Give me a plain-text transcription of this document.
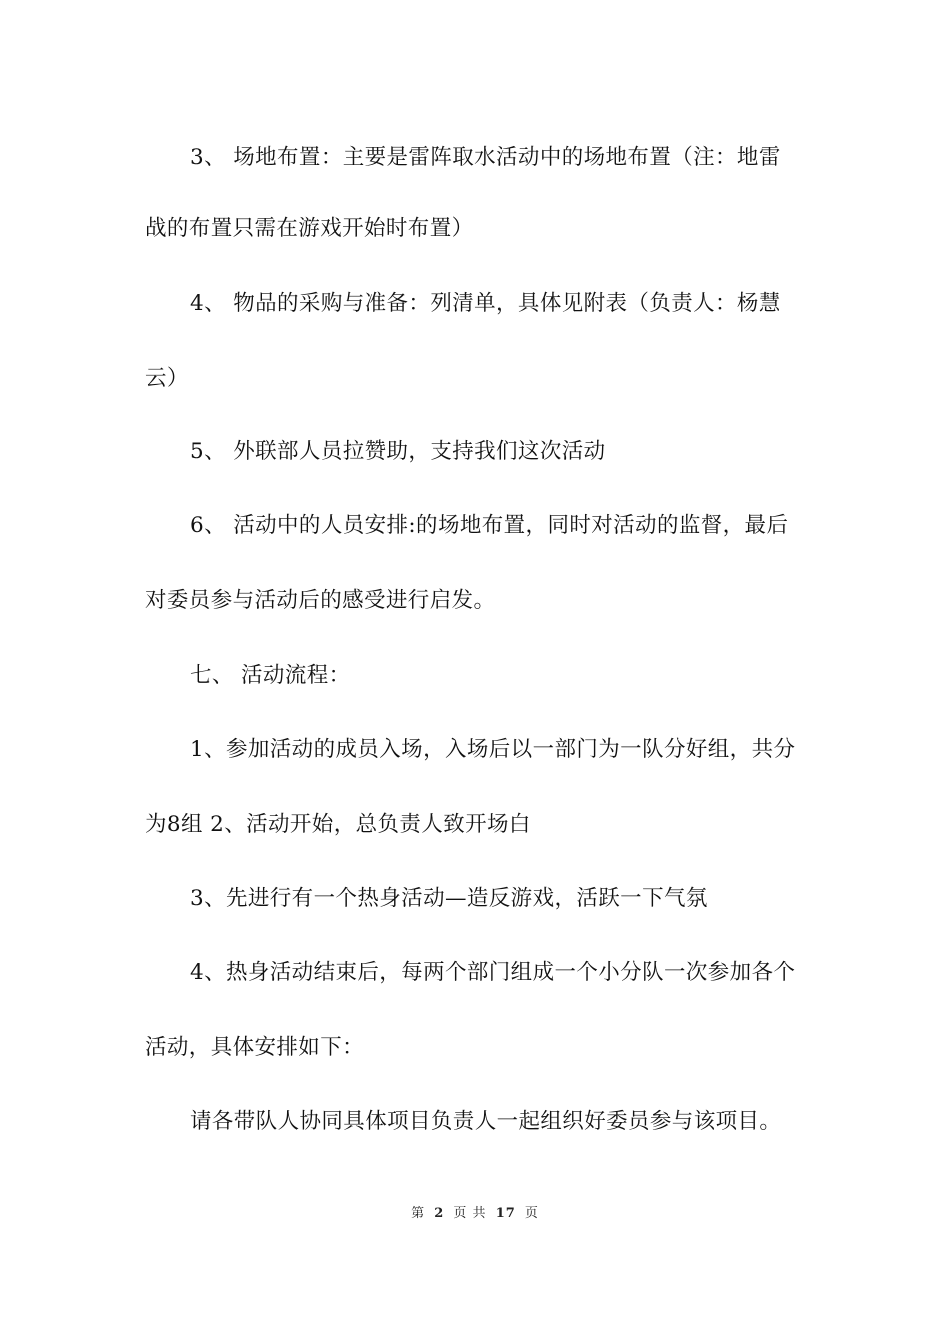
3、 场地布置：主要是雷阵取水活动中的场地布置（注：地雷
战的布置只需在游戏开始时布置）
4、 物品的采购与准备：列清单，具体见附表（负责人：杨慧
云）
5、 外联部人员拉赞助，支持我们这次活动
6、 活动中的人员安排:的场地布置，同时对活动的监督，最后
对委员参与活动后的感受进行启发。
七、 活动流程：
1、参加活动的成员入场，入场后以一部门为一队分好组，共分
为8组 2、活动开始，总负责人致开场白
3、先进行有一个热身活动—造反游戏，活跃一下气氛
4、热身活动结束后，每两个部门组成一个小分队一次参加各个
活动，具体安排如下：
请各带队人协同具体项目负责人一起组织好委员参与该项目。
第 2 页 共 17 页
